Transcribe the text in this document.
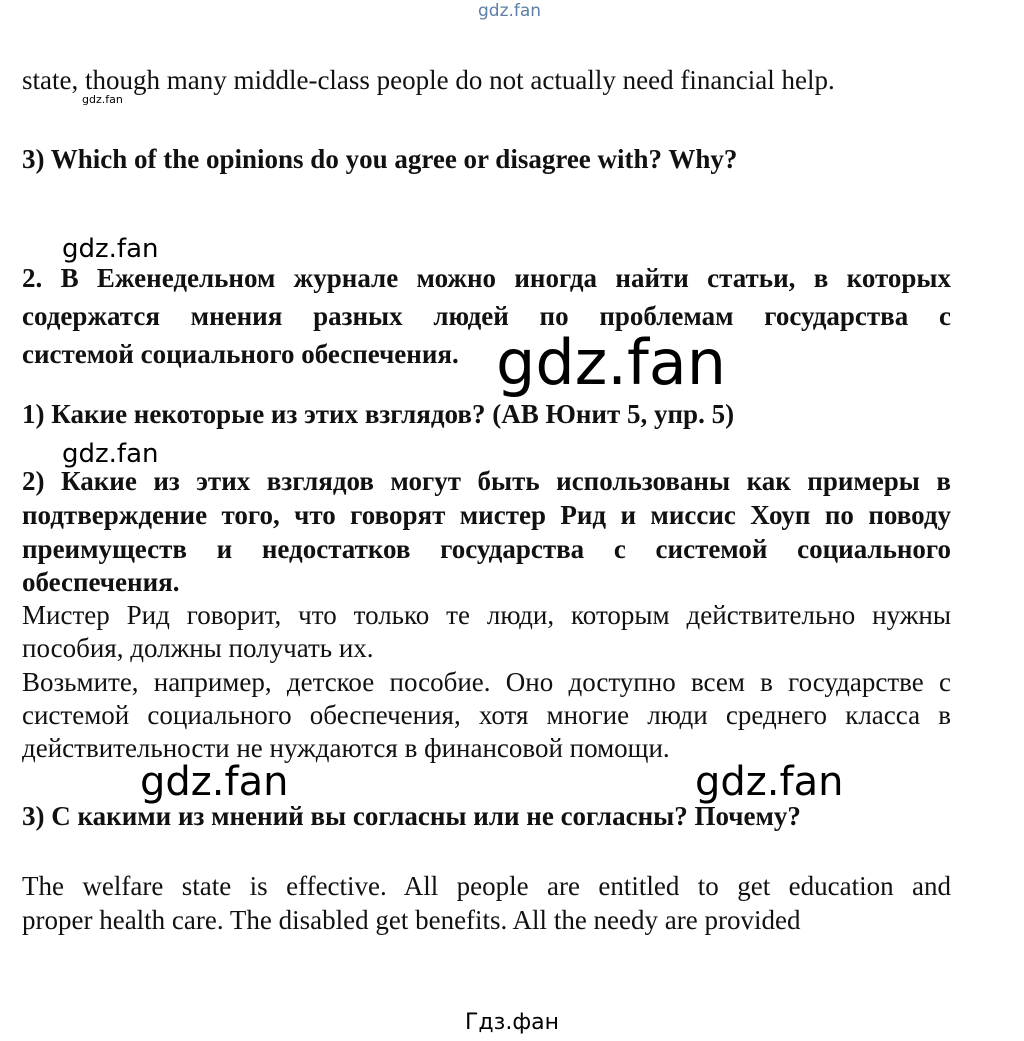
gdz.fan
state, though many middle-class people do not actually need financial help.
gdz.fan
3) Which of the opinions do you agree or disagree with? Why?
gdz.fan
2. В Еженедельном журнале можно иногда найти статьи, в которых
содержатся мнения разных людей по проблемам государства с
системой социального обеспечения. gdz.fan
1) Какие некоторые из этих взглядов? (АВ Юнит 5, упр. 5)
gdz.fan
2) Какие из этих взглядов могут быть использованы как примеры в
подтверждение того, что говорят мистер Рид и миссис Хоуп по поводу
преимуществ и недостатков государства с системой социального
обеспечения.
Мистер Рид говорит, что только те люди, которым действительно нужны
пособия, должны получать их.
Возьмите, например, детское пособие. Оно доступно всем в государстве с
системой социального обеспечения, хотя многие люди среднего класса в
действительности не нуждаются в финансовой помощи.
gdz.fan	gdz.fan
3) С какими из мнений вы согласны или не согласны? Почему?
The welfare state is effective. All people are entitled to get education and
proper health care. The disabled get benefits. All the needy are provided
Гдз.фан
